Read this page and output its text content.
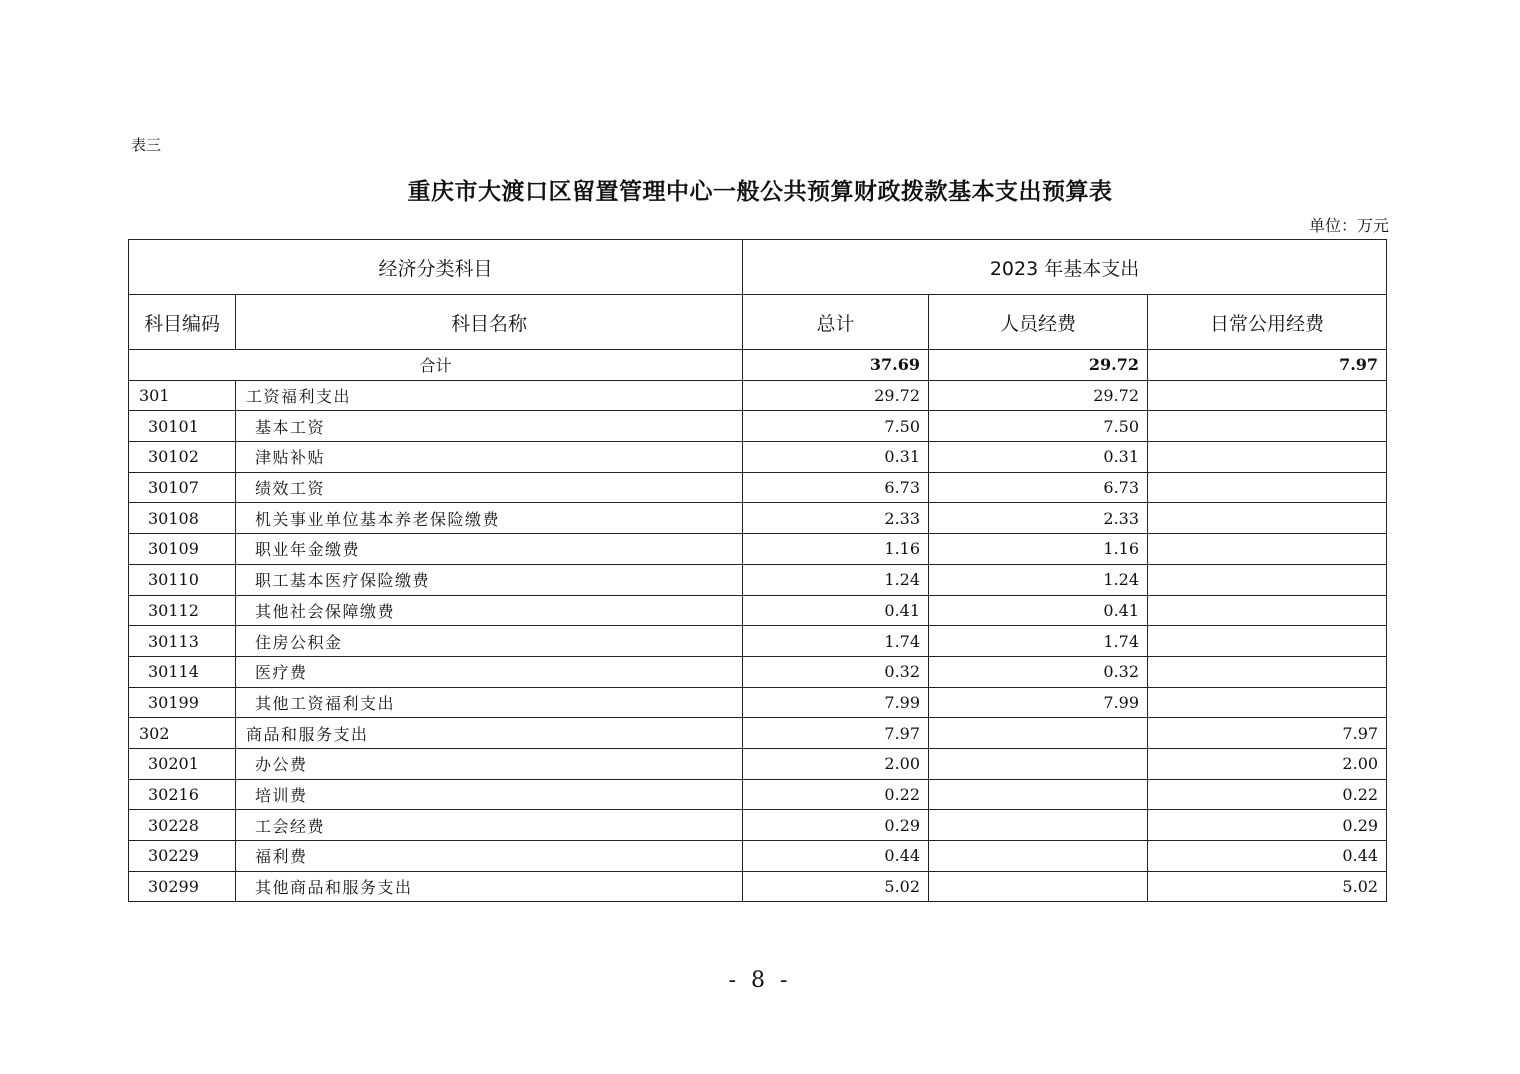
表三
重庆市大渡口区留置管理中心一般公共预算财政拨款基本支出预算表
单位：万元
经济分类科目		2023 年基本支出		
科目编码	科目名称	总计	人员经费	日常公用经费
合计		37.69	29.72	7.97
301	工资福利支出	29.72	29.72	
30101	基本工资	7.50	7.50	
30102	津贴补贴	0.31	0.31	
30107	绩效工资	6.73	6.73	
30108	机关事业单位基本养老保险缴费	2.33	2.33	
30109	职业年金缴费	1.16	1.16	
30110	职工基本医疗保险缴费	1.24	1.24	
30112	其他社会保障缴费	0.41	0.41	
30113	住房公积金	1.74	1.74	
30114	医疗费	0.32	0.32	
30199	其他工资福利支出	7.99	7.99	
302	商品和服务支出	7.97		7.97
30201	办公费	2.00		2.00
30216	培训费	0.22		0.22
30228	工会经费	0.29		0.29
30229	福利费	0.44		0.44
30299	其他商品和服务支出	5.02		5.02
- 8 -
